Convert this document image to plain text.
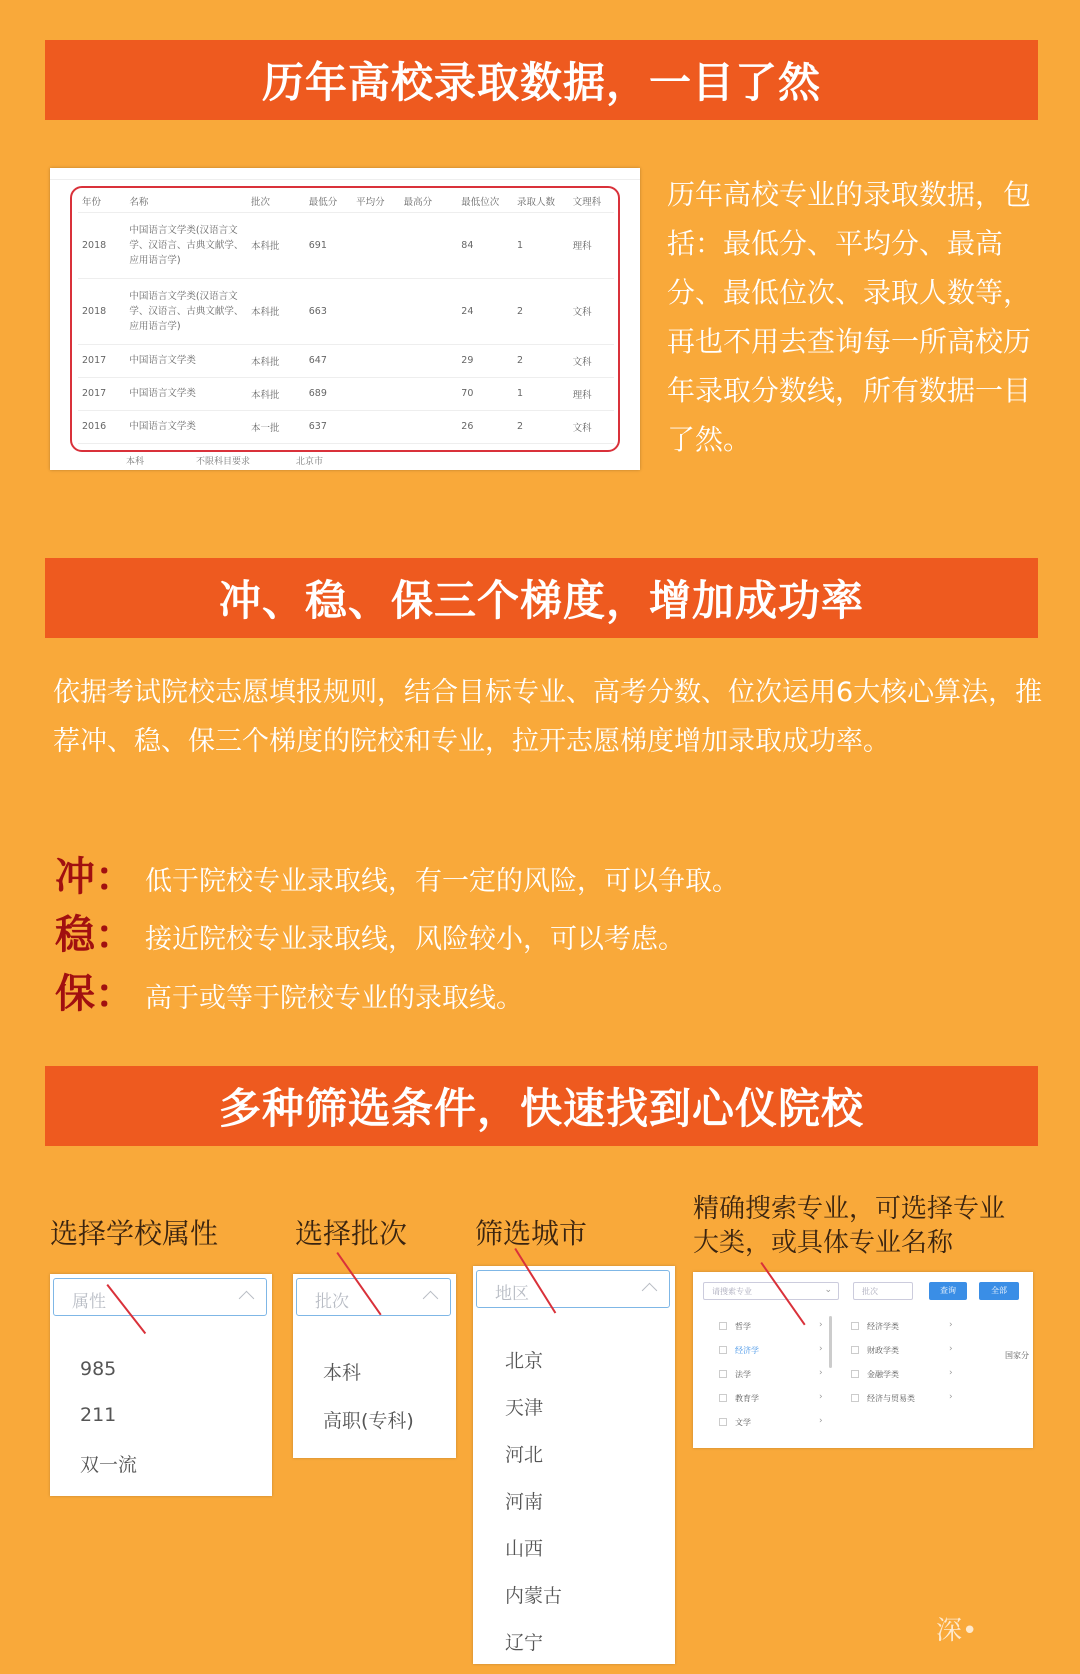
历年高校录取数据，一目了然
冲、稳、保三个梯度，增加成功率
多种筛选条件，快速找到心仪院校
年份	名称	批次	最低分	平均分	最高分	最低位次	录取人数	文理科
2018	中国语言文学类(汉语言文学、汉语言、古典文献学、应用语言学)	本科批	691			84	1	理科
2018	中国语言文学类(汉语言文学、汉语言、古典文献学、应用语言学)	本科批	663			24	2	文科
2017	中国语言文学类	本科批	647			29	2	文科
2017	中国语言文学类	本科批	689			70	1	理科
2016	中国语言文学类	本一批	637			26	2	文科
本科	不限科目要求	北京市

历年高校专业的录取数据，包括：最低分、平均分、最高分、最低位次、录取人数等，再也不用去查询每一所高校历年录取分数线，所有数据一目了然。

依据考试院校志愿填报规则，结合目标专业、高考分数、位次运用6大核心算法，推荐冲、稳、保三个梯度的院校和专业，拉开志愿梯度增加录取成功率。

冲： 低于院校专业录取线，有一定的风险，可以争取。
稳： 接近院校专业录取线，风险较小，可以考虑。
保： 高于或等于院校专业的录取线。
选择学校属性
属性
985
211
双一流
选择批次
批次
本科
高职(专科)
筛选城市
地区
北京
天津
河北
河南
山西
内蒙古
辽宁
精确搜索专业，可选择专业
大类，或具体专业名称
请搜索专业	⌄	批次	查询	全部
哲学
经济学
法学
教育学
文学
›
›
›
›
›
经济学类
财政学类
金融学类
经济与贸易类
›
›
›
›
国家分
深•
